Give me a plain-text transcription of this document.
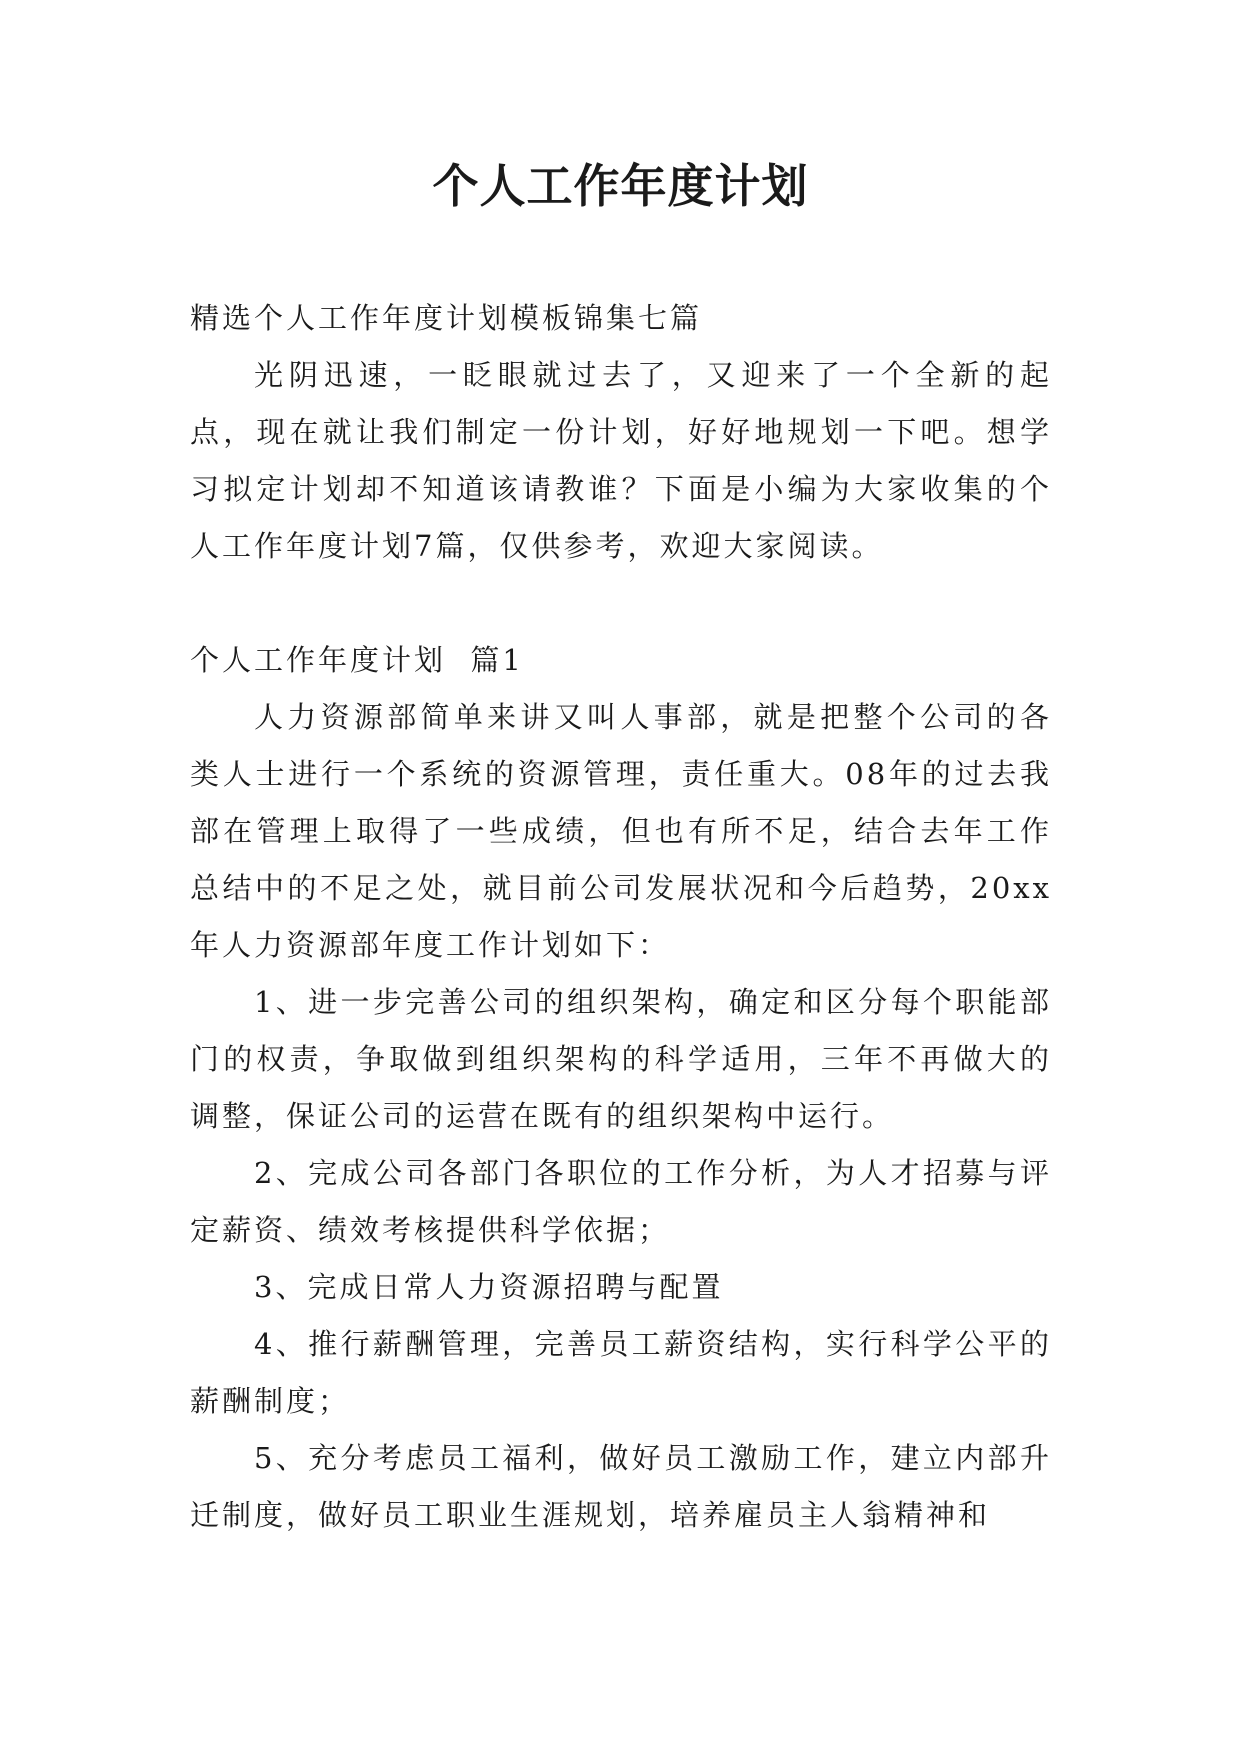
个人工作年度计划

精选个人工作年度计划模板锦集七篇

光阴迅速，一眨眼就过去了，又迎来了一个全新的起点，现在就让我们制定一份计划，好好地规划一下吧。想学习拟定计划却不知道该请教谁？下面是小编为大家收集的个人工作年度计划7篇，仅供参考，欢迎大家阅读。

个人工作年度计划  篇1

人力资源部简单来讲又叫人事部，就是把整个公司的各类人士进行一个系统的资源管理，责任重大。08年的过去我部在管理上取得了一些成绩，但也有所不足，结合去年工作总结中的不足之处，就目前公司发展状况和今后趋势，20xx年人力资源部年度工作计划如下：

1、进一步完善公司的组织架构，确定和区分每个职能部门的权责，争取做到组织架构的科学适用，三年不再做大的调整，保证公司的运营在既有的组织架构中运行。

2、完成公司各部门各职位的工作分析，为人才招募与评定薪资、绩效考核提供科学依据；

3、完成日常人力资源招聘与配置

4、推行薪酬管理，完善员工薪资结构，实行科学公平的薪酬制度；

5、充分考虑员工福利，做好员工激励工作，建立内部升迁制度，做好员工职业生涯规划，培养雇员主人翁精神和
